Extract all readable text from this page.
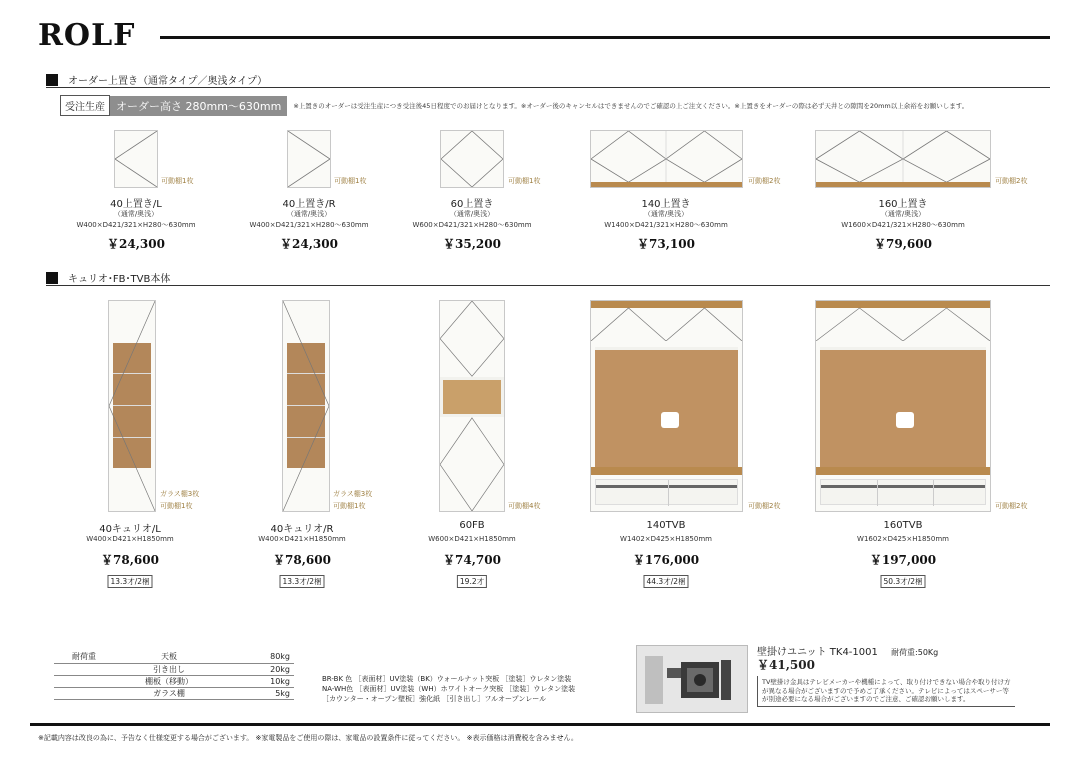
ROLF
オーダー上置き（通常タイプ／奥浅タイプ）
受注生産	オーダー高さ 280mm〜630mm	※上置きのオーダーは受注生産につき受注後45日程度でのお届けとなります。※オーダー後のキャンセルはできませんのでご確認の上ご注文ください。※上置きをオーダーの際は必ず天井との隙間を20mm以上余裕をお願いします。
可動棚1枚	可動棚1枚	可動棚1枚	可動棚2枚	可動棚2枚
40上置き/L
（通常/奥浅）
W400×D421/321×H280〜630mm
￥24,300
40上置き/R
（通常/奥浅）
W400×D421/321×H280〜630mm
￥24,300
60上置き
（通常/奥浅）
W600×D421/321×H280〜630mm
￥35,200
140上置き
（通常/奥浅）
W1400×D421/321×H280〜630mm
￥73,100
160上置き
（通常/奥浅）
W1600×D421/321×H280〜630mm
￥79,600
キュリオ･FB･TVB本体
ガラス棚3枚
可動棚1枚
ガラス棚3枚
可動棚1枚	可動棚4枚	可動棚2枚	可動棚2枚
40キュリオ/L
W400×D421×H1850mm
￥78,600
13.3才/2梱
40キュリオ/R
W400×D421×H1850mm
￥78,600
13.3才/2梱
60FB
W600×D421×H1850mm
￥74,700
19.2才
140TVB
W1402×D425×H1850mm
￥176,000
44.3才/2梱
160TVB
W1602×D425×H1850mm
￥197,000
50.3才/2梱
耐荷重	天板	80kg
	引き出し	20kg
	棚板（移動）	10kg
	ガラス棚	5kg
BR-BK 色 ［表面材］UV塗装（BK）ウォールナット突板 ［塗装］ウレタン塗装
NA-WH色 ［表面材］UV塗装（WH）ホワイトオーク突板 ［塗装］ウレタン塗装
［カウンター・オープン壁板］強化紙 ［引き出し］フルオープンレール
壁掛けユニット TK4-1001 耐荷重:50Kg
￥41,500
TV壁掛け金具はテレビメーカーや機種によって、取り付けできない場合や取り付け方が異なる場合がございますので予めご了承ください。テレビによってはスペーサー等が別途必要になる場合がございますのでご注意、ご確認お願いします。
※記載内容は改良の為に、予告なく仕様変更する場合がございます。 ※家電製品をご使用の際は、家電品の設置条件に従ってください。 ※表示価格は消費税を含みません。
